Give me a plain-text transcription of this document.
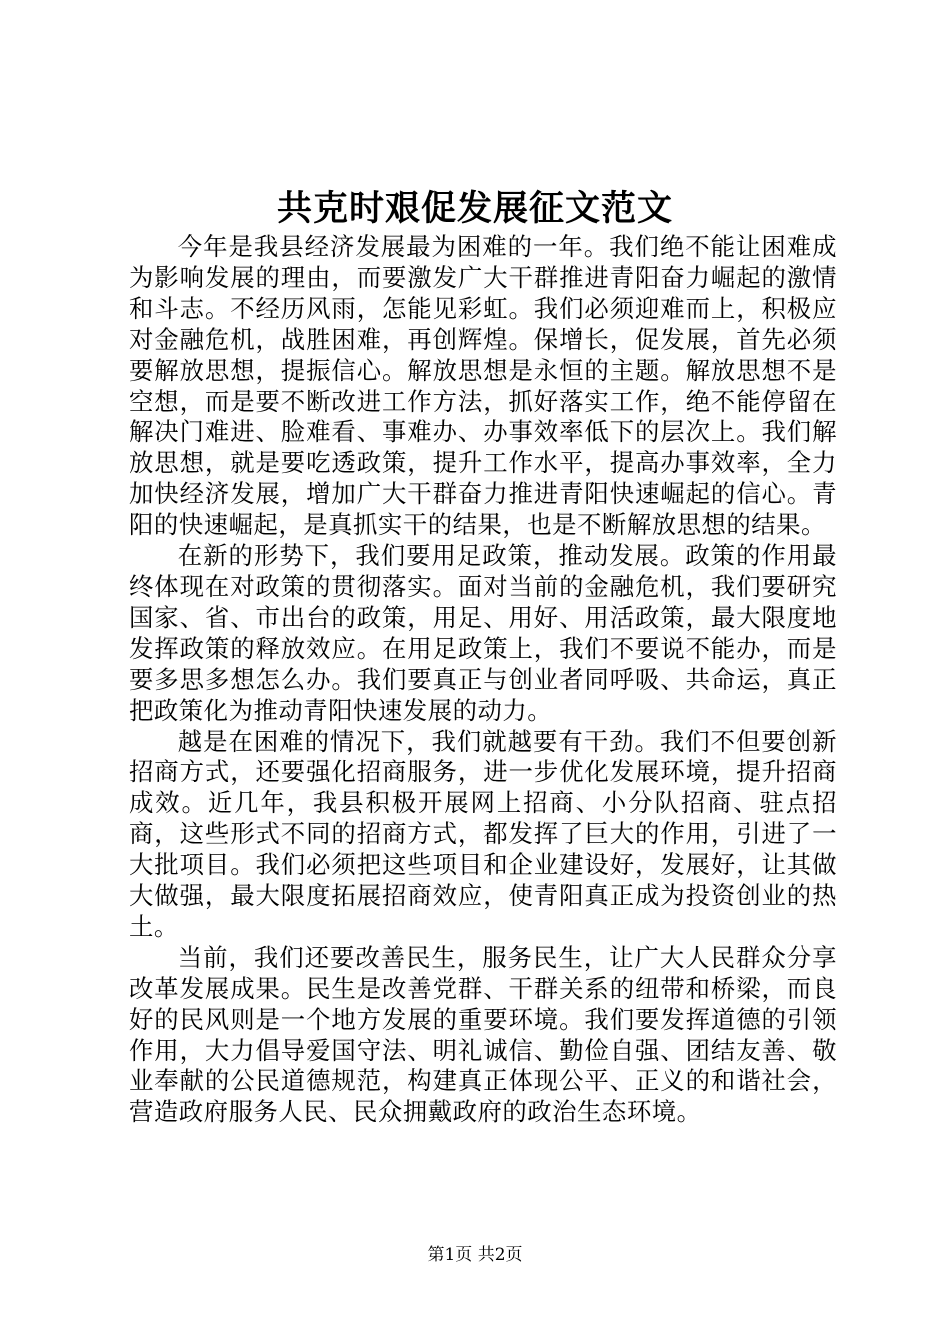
共克时艰促发展征文范文

今年是我县经济发展最为困难的一年。我们绝不能让困难成为影响发展的理由，而要激发广大干群推进青阳奋力崛起的激情和斗志。不经历风雨，怎能见彩虹。我们必须迎难而上，积极应对金融危机，战胜困难，再创辉煌。保增长，促发展，首先必须要解放思想，提振信心。解放思想是永恒的主题。解放思想不是空想，而是要不断改进工作方法，抓好落实工作，绝不能停留在解决门难进、脸难看、事难办、办事效率低下的层次上。我们解放思想，就是要吃透政策，提升工作水平，提高办事效率，全力加快经济发展，增加广大干群奋力推进青阳快速崛起的信心。青阳的快速崛起，是真抓实干的结果，也是不断解放思想的结果。

在新的形势下，我们要用足政策，推动发展。政策的作用最终体现在对政策的贯彻落实。面对当前的金融危机，我们要研究国家、省、市出台的政策，用足、用好、用活政策，最大限度地发挥政策的释放效应。在用足政策上，我们不要说不能办，而是要多思多想怎么办。我们要真正与创业者同呼吸、共命运，真正把政策化为推动青阳快速发展的动力。

越是在困难的情况下，我们就越要有干劲。我们不但要创新招商方式，还要强化招商服务，进一步优化发展环境，提升招商成效。近几年，我县积极开展网上招商、小分队招商、驻点招商，这些形式不同的招商方式，都发挥了巨大的作用，引进了一大批项目。我们必须把这些项目和企业建设好，发展好，让其做大做强，最大限度拓展招商效应，使青阳真正成为投资创业的热土。

当前，我们还要改善民生，服务民生，让广大人民群众分享改革发展成果。民生是改善党群、干群关系的纽带和桥梁，而良好的民风则是一个地方发展的重要环境。我们要发挥道德的引领作用，大力倡导爱国守法、明礼诚信、勤俭自强、团结友善、敬业奉献的公民道德规范，构建真正体现公平、正义的和谐社会，营造政府服务人民、民众拥戴政府的政治生态环境。

第1页 共2页
